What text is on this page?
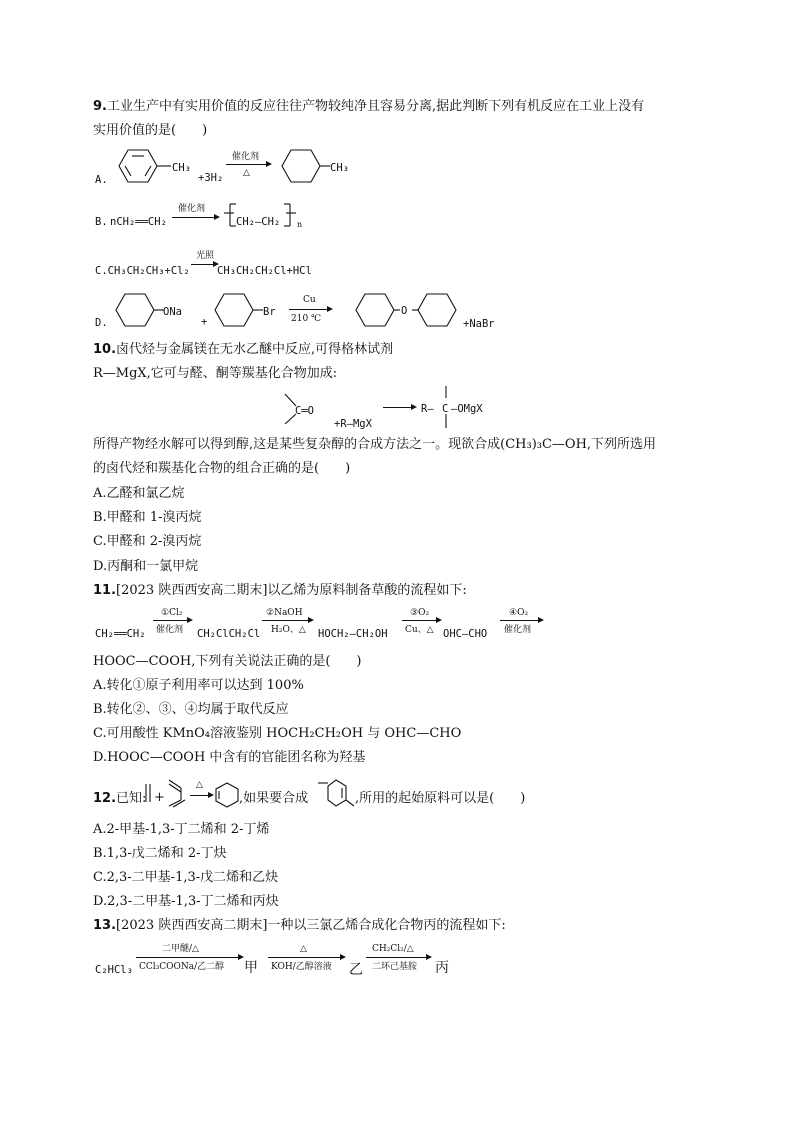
9.工业生产中有实用价值的反应往往产物较纯净且容易分离,据此判断下列有机反应在工业上没有
实用价值的是(　　)
A.
CH₃
+3H₂
催化剂
△	CH₃
B. nCH₂══CH₂
催化剂
CH₂—CH₂ n
C.CH₃CH₂CH₃+Cl₂
光照
CH₃CH₂CH₂Cl+HCl
D.
ONa
+
Br
Cu
210 ℃
O
+NaBr
10.卤代烃与金属镁在无水乙醚中反应,可得格林试剂
R—MgX,它可与醛、酮等羰基化合物加成:
C═O
+R—MgX
R— C —OMgX
所得产物经水解可以得到醇,这是某些复杂醇的合成方法之一。现欲合成(CH₃)₃C—OH,下列所选用
的卤代烃和羰基化合物的组合正确的是(　　)
A.乙醛和氯乙烷
B.甲醛和 1-溴丙烷
C.甲醛和 2-溴丙烷
D.丙酮和一氯甲烷
11.[2023 陕西西安高二期末]以乙烯为原料制备草酸的流程如下:
CH₂══CH₂
①Cl₂
催化剂 CH₂ClCH₂Cl
②NaOH
H₂O、△ HOCH₂—CH₂OH
③O₂
Cu、△ OHC—CHO
④O₂
催化剂
HOOC—COOH,下列有关说法正确的是(　　)
A.转化①原子利用率可以达到 100%
B.转化②、③、④均属于取代反应
C.可用酸性 KMnO₄溶液鉴别 HOCH₂CH₂OH 与 OHC—CHO
D.HOOC—COOH 中含有的官能团名称为羟基
12.已知: +
△
,如果要合成	,所用的起始原料可以是(　　)
A.2-甲基-1,3-丁二烯和 2-丁烯
B.1,3-戊二烯和 2-丁炔
C.2,3-二甲基-1,3-戊二烯和乙炔
D.2,3-二甲基-1,3-丁二烯和丙炔
13.[2023 陕西西安高二期末]一种以三氯乙烯合成化合物丙的流程如下:
C₂HCl₃
二甲醚/△
CCl₃COONa/乙二醇 甲
△
KOH/乙醇溶液 乙
CH₂Cl₂/△
二环己基胺 丙
